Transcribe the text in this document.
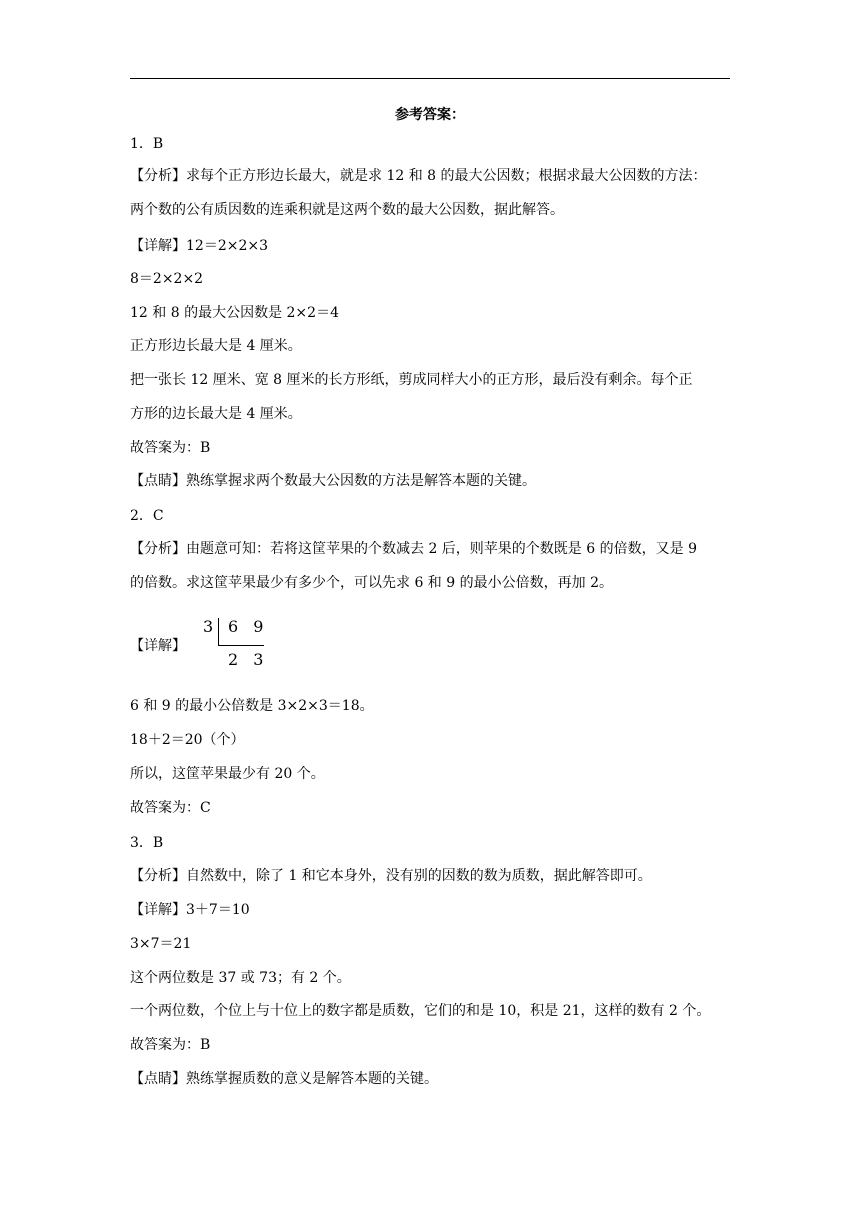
参考答案：
1．B
【分析】求每个正方形边长最大，就是求 12 和 8 的最大公因数；根据求最大公因数的方法：
两个数的公有质因数的连乘积就是这两个数的最大公因数，据此解答。
【详解】12＝2×2×3
8＝2×2×2
12 和 8 的最大公因数是 2×2＝4
正方形边长最大是 4 厘米。
把一张长 12 厘米、宽 8 厘米的长方形纸，剪成同样大小的正方形，最后没有剩余。每个正
方形的边长最大是 4 厘米。
故答案为：B
【点睛】熟练掌握求两个数最大公因数的方法是解答本题的关键。
2．C
【分析】由题意可知：若将这筐苹果的个数减去 2 后，则苹果的个数既是 6 的倍数，又是 9
的倍数。求这筐苹果最少有多少个，可以先求 6 和 9 的最小公倍数，再加 2。
【详解】
3 6 9
2 3
6 和 9 的最小公倍数是 3×2×3＝18。
18＋2＝20（个）
所以，这筐苹果最少有 20 个。
故答案为：C
3．B
【分析】自然数中，除了 1 和它本身外，没有别的因数的数为质数，据此解答即可。
【详解】3＋7＝10
3×7＝21
这个两位数是 37 或 73；有 2 个。
一个两位数，个位上与十位上的数字都是质数，它们的和是 10，积是 21，这样的数有 2 个。
故答案为：B
【点睛】熟练掌握质数的意义是解答本题的关键。
